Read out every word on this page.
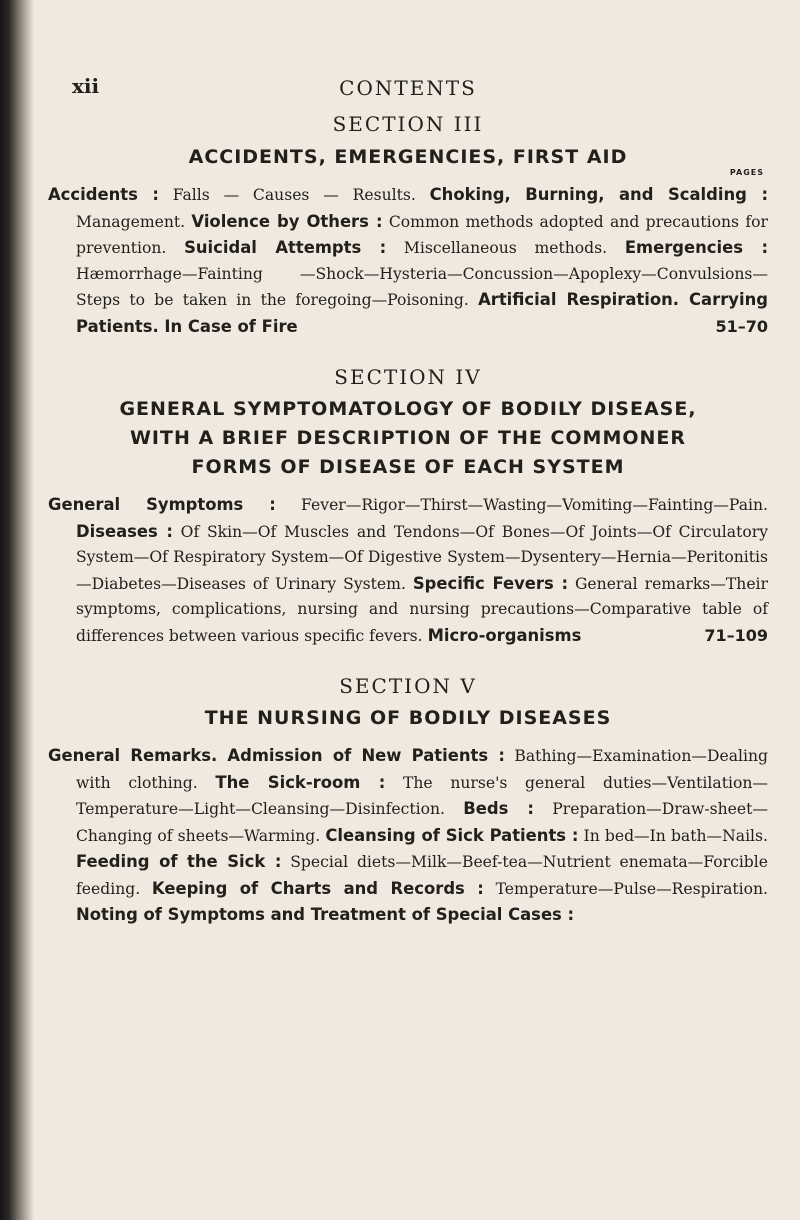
xii	CONTENTS
SECTION III
ACCIDENTS, EMERGENCIES, FIRST AID
PAGES
Accidents : Falls — Causes — Results. Choking, Burning, and Scalding : Management. Violence by Others : Common methods adopted and precautions for prevention. Suicidal Attempts : Miscellaneous methods. Emergencies : Hæmorrhage—Fainting —Shock—Hysteria—Concussion—Apoplexy—Convulsions—Steps to be taken in the foregoing—Poisoning. Artificial Respiration. Carrying Patients. In Case of Fire	51–70
SECTION IV
GENERAL SYMPTOMATOLOGY OF BODILY DISEASE,
WITH A BRIEF DESCRIPTION OF THE COMMONER
FORMS OF DISEASE OF EACH SYSTEM
General Symptoms : Fever—Rigor—Thirst—Wasting—Vomiting—Fainting—Pain. Diseases : Of Skin—Of Muscles and Tendons—Of Bones—Of Joints—Of Circulatory System—Of Respiratory System—Of Digestive System—Dysentery—Hernia—Peritonitis—Diabetes—Diseases of Urinary System. Specific Fevers : General remarks—Their symptoms, complications, nursing and nursing precautions—Comparative table of differences between various specific fevers. Micro-organisms	71–109
SECTION V
THE NURSING OF BODILY DISEASES
General Remarks. Admission of New Patients : Bathing—Examination—Dealing with clothing. The Sick-room : The nurse's general duties—Ventilation—Temperature—Light—Cleansing—Disinfection. Beds : Preparation—Draw-sheet—Changing of sheets—Warming. Cleansing of Sick Patients : In bed—In bath—Nails. Feeding of the Sick : Special diets—Milk—Beef-tea—Nutrient enemata—Forcible feeding. Keeping of Charts and Records : Temperature—Pulse—Respiration. Noting of Symptoms and Treatment of Special Cases :
